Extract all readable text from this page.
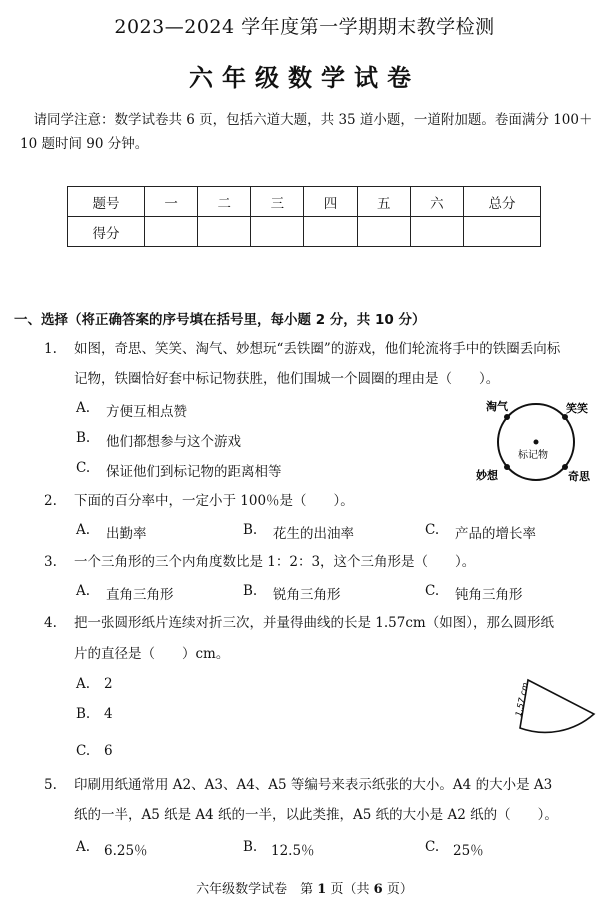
2023—2024 学年度第一学期期末教学检测
六年级数学试卷
请同学注意：数学试卷共 6 页，包括六道大题，共 35 道小题，一道附加题。卷面满分 100＋10 题时间 90 分钟。
题号	一	二	三	四	五	六	总分
得分							
一、选择（将正确答案的序号填在括号里，每小题 2 分，共 10 分）
1. 如图，奇思、笑笑、淘气、妙想玩“丢铁圈”的游戏，他们轮流将手中的铁圈丢向标
记物，铁圈恰好套中标记物获胜，他们围城一个圆圈的理由是（　　）。
A. 方便互相点赞
B. 他们都想参与这个游戏
C. 保证他们到标记物的距离相等
淘气	笑笑
妙想	奇思
标记物
2. 下面的百分率中，一定小于 100％是（　　）。
A. 出勤率	B. 花生的出油率	C. 产品的增长率
3. 一个三角形的三个内角度数比是 1：2：3，这个三角形是（　　）。
A. 直角三角形	B. 锐角三角形	C. 钝角三角形
4. 把一张圆形纸片连续对折三次，并量得曲线的长是 1.57cm（如图），那么圆形纸
片的直径是（　　）cm。
A. 2
B. 4
C. 6
1.57 cm
5. 印刷用纸通常用 A2、A3、A4、A5 等编号来表示纸张的大小。A4 的大小是 A3
纸的一半，A5 纸是 A4 纸的一半，以此类推，A5 纸的大小是 A2 纸的（　　）。
A. 6.25％	B. 12.5％	C. 25％
六年级数学试卷　第 1 页（共 6 页）
